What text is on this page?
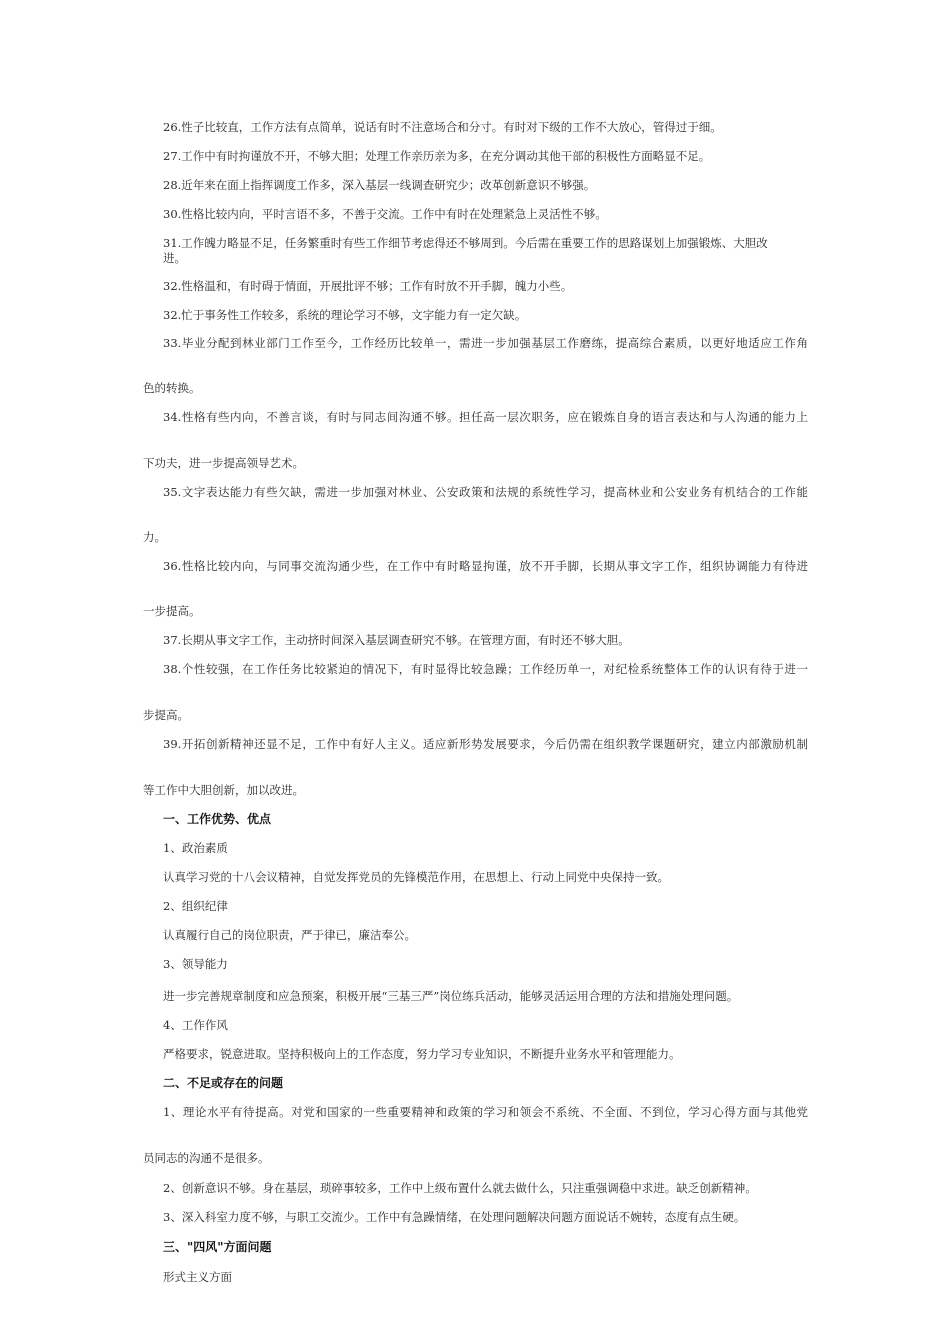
26.性子比较直，工作方法有点简单，说话有时不注意场合和分寸。有时对下级的工作不大放心，管得过于细。
27.工作中有时拘谨放不开，不够大胆；处理工作亲历亲为多，在充分调动其他干部的积极性方面略显不足。
28.近年来在面上指挥调度工作多，深入基层一线调查研究少；改革创新意识不够强。
30.性格比较内向，平时言语不多，不善于交流。工作中有时在处理紧急上灵活性不够。
31.工作魄力略显不足，任务繁重时有些工作细节考虑得还不够周到。今后需在重要工作的思路谋划上加强锻炼、大胆改
进。
32.性格温和，有时碍于情面，开展批评不够；工作有时放不开手脚，魄力小些。
32.忙于事务性工作较多，系统的理论学习不够，文字能力有一定欠缺。
33.毕业分配到林业部门工作至今，工作经历比较单一，需进一步加强基层工作磨练，提高综合素质，以更好地适应工作角
色的转换。
34.性格有些内向，不善言谈，有时与同志间沟通不够。担任高一层次职务，应在锻炼自身的语言表达和与人沟通的能力上
下功夫，进一步提高领导艺术。
35.文字表达能力有些欠缺，需进一步加强对林业、公安政策和法规的系统性学习，提高林业和公安业务有机结合的工作能
力。
36.性格比较内向，与同事交流沟通少些，在工作中有时略显拘谨，放不开手脚，长期从事文字工作，组织协调能力有待进
一步提高。
37.长期从事文字工作，主动挤时间深入基层调查研究不够。在管理方面，有时还不够大胆。
38.个性较强，在工作任务比较紧迫的情况下，有时显得比较急躁；工作经历单一，对纪检系统整体工作的认识有待于进一
步提高。
39.开拓创新精神还显不足，工作中有好人主义。适应新形势发展要求，今后仍需在组织教学课题研究，建立内部激励机制
等工作中大胆创新，加以改进。
一、工作优势、优点
1、政治素质
认真学习党的十八会议精神，自觉发挥党员的先锋模范作用，在思想上、行动上同党中央保持一致。
2、组织纪律
认真履行自己的岗位职责，严于律已，廉洁奉公。
3、领导能力
进一步完善规章制度和应急预案，积极开展“三基三严”岗位练兵活动，能够灵活运用合理的方法和措施处理问题。
4、工作作风
严格要求，锐意进取。坚持积极向上的工作态度，努力学习专业知识，不断提升业务水平和管理能力。
二、不足或存在的问题
1、理论水平有待提高。对党和国家的一些重要精神和政策的学习和领会不系统、不全面、不到位，学习心得方面与其他党
员同志的沟通不是很多。
2、创新意识不够。身在基层，琐碎事较多，工作中上级布置什么就去做什么，只注重强调稳中求进。缺乏创新精神。
3、深入科室力度不够，与职工交流少。工作中有急躁情绪，在处理问题解决问题方面说话不婉转，态度有点生硬。
三、"四风"方面问题
形式主义方面
